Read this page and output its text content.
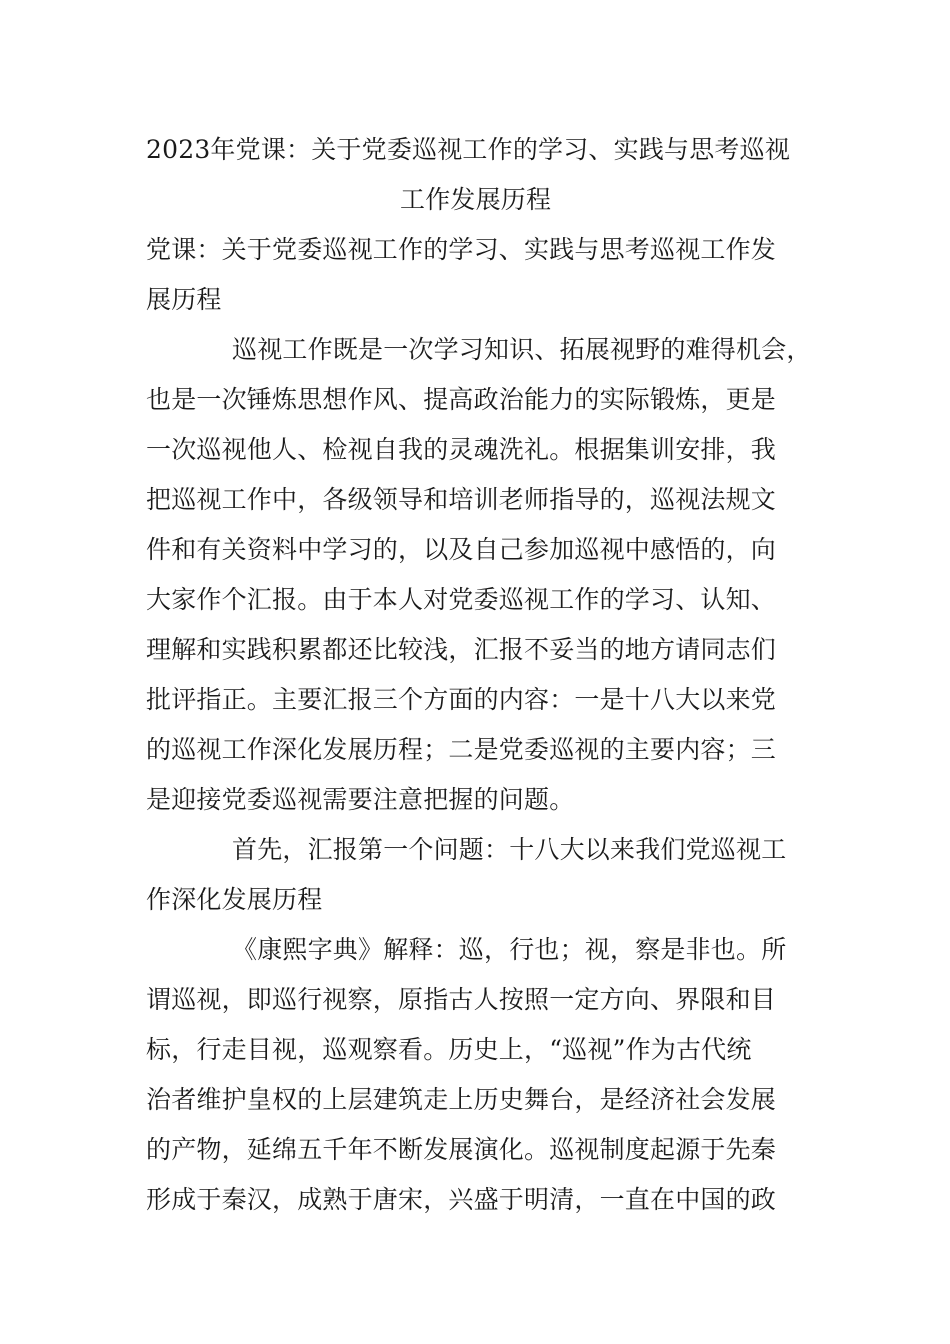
2023年党课：关于党委巡视工作的学习、实践与思考巡视
工作发展历程
党课：关于党委巡视工作的学习、实践与思考巡视工作发
展历程
巡视工作既是一次学习知识、拓展视野的难得机会，
也是一次锤炼思想作风、提高政治能力的实际锻炼，更是
一次巡视他人、检视自我的灵魂洗礼。根据集训安排，我
把巡视工作中，各级领导和培训老师指导的，巡视法规文
件和有关资料中学习的，以及自己参加巡视中感悟的，向
大家作个汇报。由于本人对党委巡视工作的学习、认知、
理解和实践积累都还比较浅，汇报不妥当的地方请同志们
批评指正。主要汇报三个方面的内容：一是十八大以来党
的巡视工作深化发展历程；二是党委巡视的主要内容；三
是迎接党委巡视需要注意把握的问题。
首先，汇报第一个问题：十八大以来我们党巡视工
作深化发展历程
《康熙字典》解释：巡，行也；视，察是非也。所
谓巡视，即巡行视察，原指古人按照一定方向、界限和目
标，行走目视，巡观察看。历史上，“巡视”作为古代统
治者维护皇权的上层建筑走上历史舞台，是经济社会发展
的产物，延绵五千年不断发展演化。巡视制度起源于先秦
形成于秦汉，成熟于唐宋，兴盛于明清，一直在中国的政
